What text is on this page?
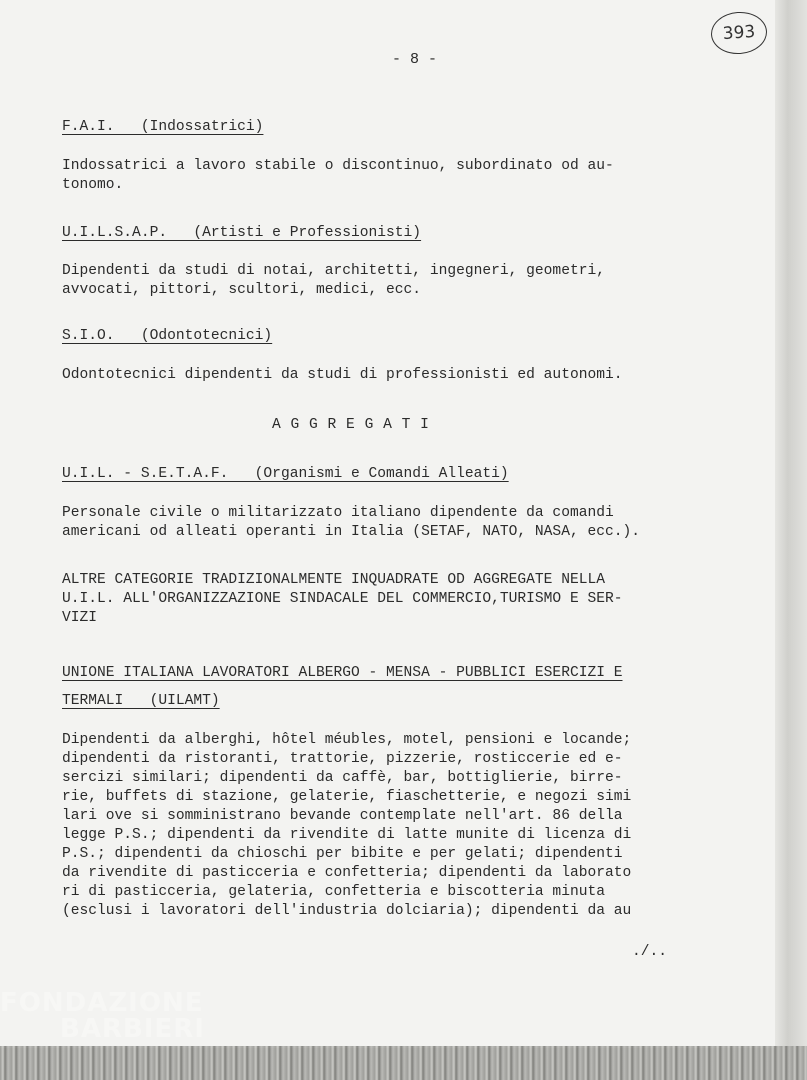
393
- 8 -
F.A.I.   (Indossatrici)
Indossatrici a lavoro stabile o discontinuo, subordinato od au-
tonomo.
U.I.L.S.A.P.   (Artisti e Professionisti)
Dipendenti da studi di notai, architetti, ingegneri, geometri,
avvocati, pittori, scultori, medici, ecc.
S.I.O.   (Odontotecnici)
Odontotecnici dipendenti da studi di professionisti ed autonomi.
A G G R E G A T I
U.I.L. - S.E.T.A.F.   (Organismi e Comandi Alleati)
Personale civile o militarizzato italiano dipendente da comandi
americani od alleati operanti in Italia (SETAF, NATO, NASA, ecc.).
ALTRE CATEGORIE TRADIZIONALMENTE INQUADRATE OD AGGREGATE NELLA
U.I.L. ALL'ORGANIZZAZIONE SINDACALE DEL COMMERCIO,TURISMO E SER-
VIZI
UNIONE ITALIANA LAVORATORI ALBERGO - MENSA - PUBBLICI ESERCIZI E
TERMALI   (UILAMT)
Dipendenti da alberghi, hôtel méubles, motel, pensioni e locande;
dipendenti da ristoranti, trattorie, pizzerie, rosticcerie ed e-
sercizi similari; dipendenti da caffè, bar, bottiglierie, birre-
rie, buffets di stazione, gelaterie, fiaschetterie, e negozi simi
lari ove si somministrano bevande contemplate nell'art. 86 della
legge P.S.; dipendenti da rivendite di latte munite di licenza di
P.S.; dipendenti da chioschi per bibite e per gelati; dipendenti
da rivendite di pasticceria e confetteria; dipendenti da laborato
ri di pasticceria, gelateria, confetteria e biscotteria minuta
(esclusi i lavoratori dell'industria dolciaria); dipendenti da au
./..
FONDAZIONE
BARBIERI
